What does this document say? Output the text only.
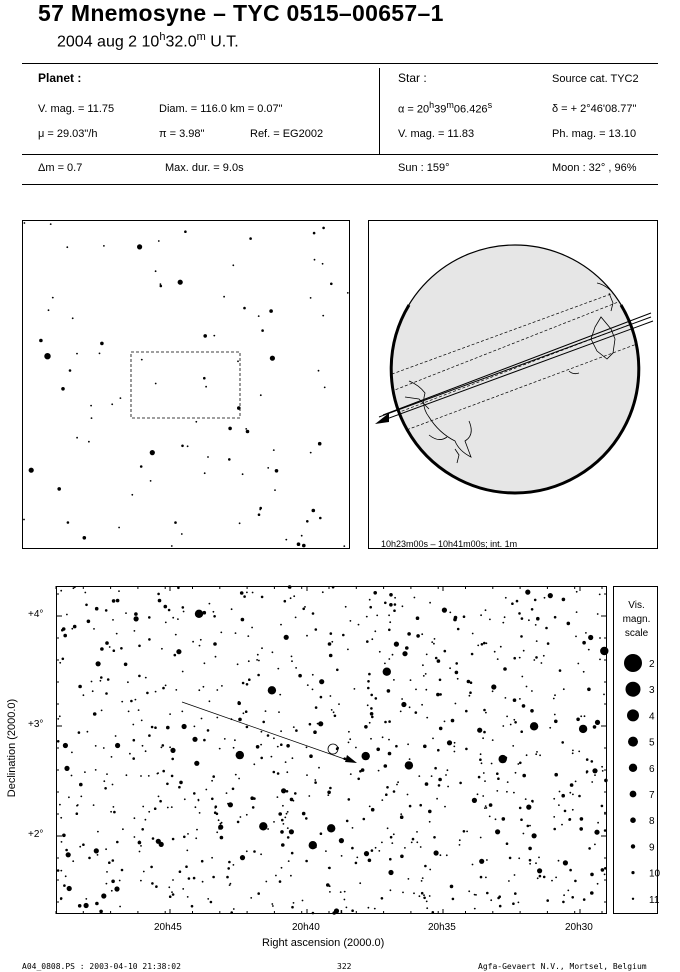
57 Mnemosyne – TYC 0515–00657–1
2004 aug 2 10$^h$32.0$^m$ U.T.
Planet :
V. mag. = 11.75	Diam. = 116.0 km = 0.07"
μ = 29.03"/h	π = 3.98"	Ref. = EG2002
Δm = 0.7	Max. dur. = 9.0s
Star :	Source cat. TYC2
$\alpha = 20^h39^m06.426^s$	δ = + 2°46'08.77"
V. mag. = 11.83	Ph. mag. = 13.10
Sun : 159°	Moon : 32° , 96%
10h23m00s – 10h41m00s; int. 1m
20h45	20h40	20h35	20h30
Right ascension (2000.0)
+4°
+3°
+2°
Declination (2000.0)
Vis.
magn.
scale
2
3
4
5
6
7
8
9
10
11
A04_0808.PS : 2003-04-10 21:38:02	322	Agfa-Gevaert N.V., Mortsel, Belgium
